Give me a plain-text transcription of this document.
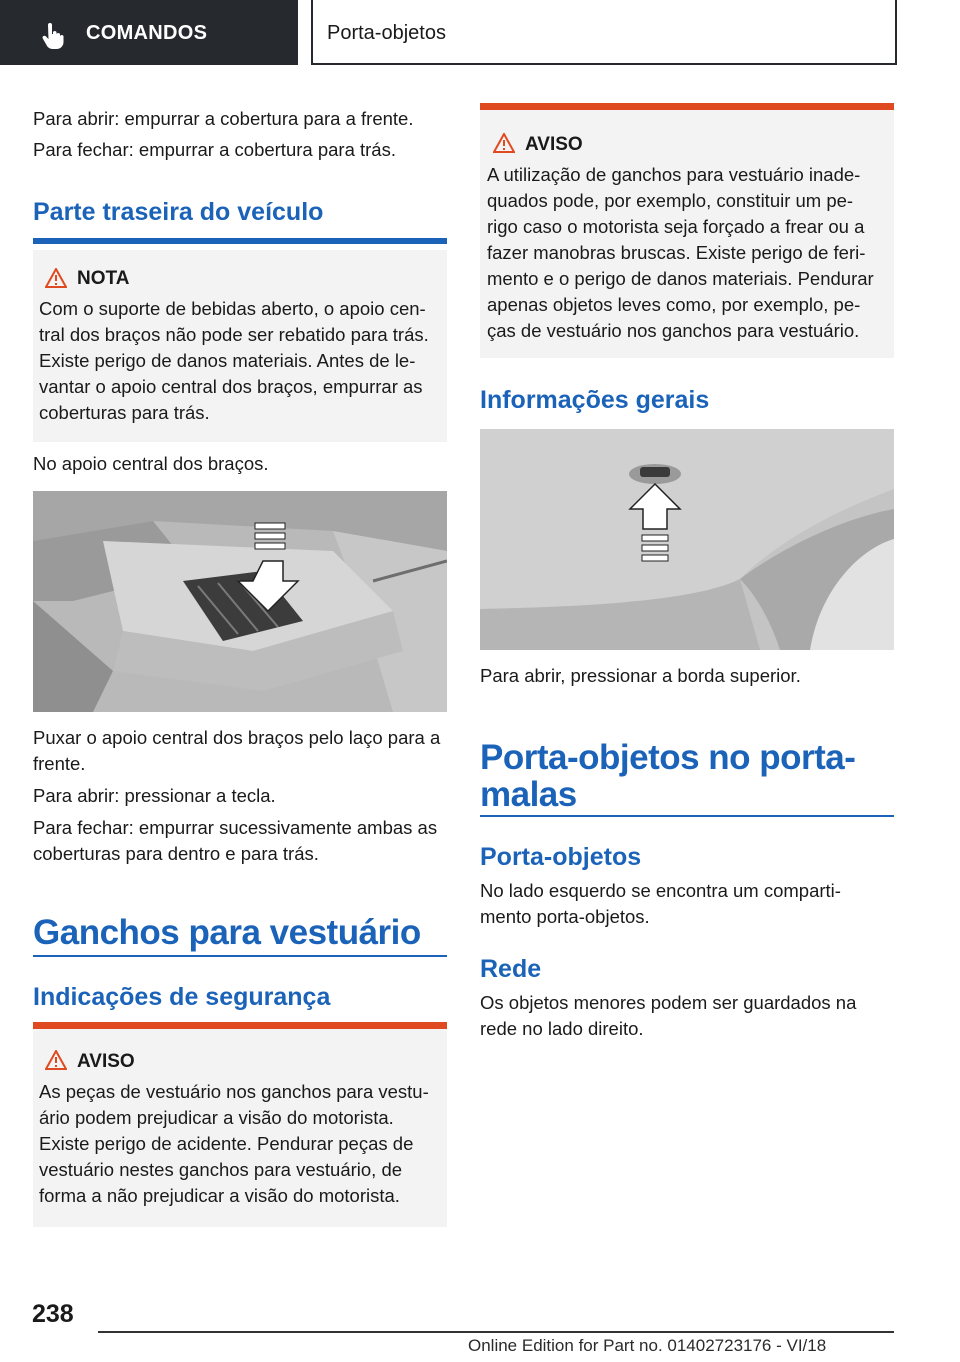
COMANDOS	Porta-objetos

Para abrir: empurrar a cobertura para a frente.

Para fechar: empurrar a cobertura para trás.

Parte traseira do veículo
NOTA
Com o suporte de bebidas aberto, o apoio cen-
tral dos braços não pode ser rebatido para trás.
Existe perigo de danos materiais. Antes de le-
vantar o apoio central dos braços, empurrar as
coberturas para trás.

No apoio central dos braços.

Puxar o apoio central dos braços pelo laço para a

frente.

Para abrir: pressionar a tecla.

Para fechar: empurrar sucessivamente ambas as

coberturas para dentro e para trás.

Ganchos para vestuário
Indicações de segurança
AVISO
As peças de vestuário nos ganchos para vestu-
ário podem prejudicar a visão do motorista.
Existe perigo de acidente. Pendurar peças de
vestuário nestes ganchos para vestuário, de
forma a não prejudicar a visão do motorista.
AVISO
A utilização de ganchos para vestuário inade-
quados pode, por exemplo, constituir um pe-
rigo caso o motorista seja forçado a frear ou a
fazer manobras bruscas. Existe perigo de feri-
mento e o perigo de danos materiais. Pendurar
apenas objetos leves como, por exemplo, pe-
ças de vestuário nos ganchos para vestuário.
Informações gerais

Para abrir, pressionar a borda superior.

Porta-objetos no porta-
malas
Porta-objetos

No lado esquerdo se encontra um comparti-

mento porta-objetos.

Rede

Os objetos menores podem ser guardados na

rede no lado direito.

238
Online Edition for Part no. 01402723176 - VI/18
